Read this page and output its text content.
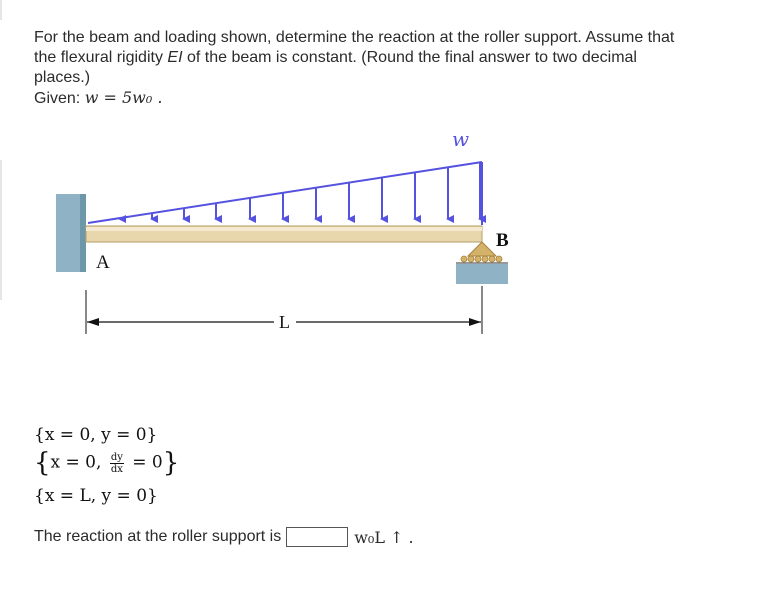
For the beam and loading shown, determine the reaction at the roller support. Assume that

the flexural rigidity EI of the beam is constant. (Round the final answer to two decimal

places.)

Given: w = 5w₀ .

w
A
B
L
{x = 0, y = 0}
{x = 0, $\frac{dy}{dx} = 0$}
{x = L, y = 0}
The reaction at the roller support is	w₀L ↑ .
